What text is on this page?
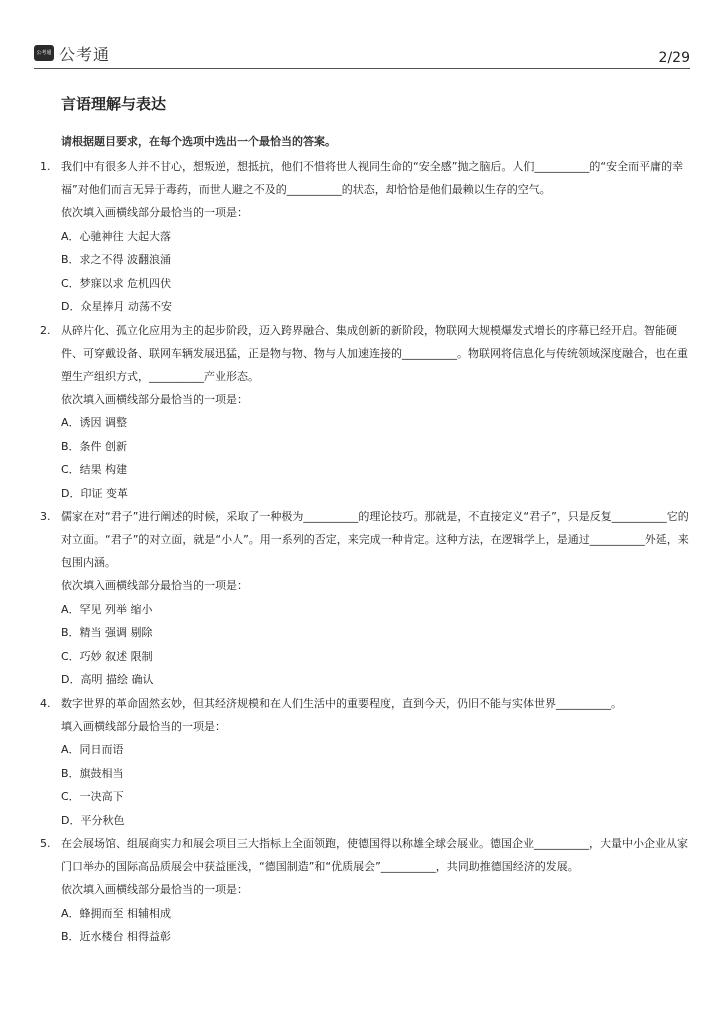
公考通 公考通	2/29
言语理解与表达
请根据题目要求，在每个选项中选出一个最恰当的答案。
1. 我们中有很多人并不甘心，想叛逆，想抵抗，他们不惜将世人视同生命的“安全感”抛之脑后。人们__________的“安全而平庸的幸福”对他们而言无异于毒药，而世人避之不及的__________的状态，却恰恰是他们最赖以生存的空气。
依次填入画横线部分最恰当的一项是：
A．心驰神往 大起大落
B．求之不得 波翻浪涌
C．梦寐以求 危机四伏
D．众星捧月 动荡不安
2. 从碎片化、孤立化应用为主的起步阶段，迈入跨界融合、集成创新的新阶段，物联网大规模爆发式增长的序幕已经开启。智能硬件、可穿戴设备、联网车辆发展迅猛，正是物与物、物与人加速连接的__________。物联网将信息化与传统领域深度融合，也在重塑生产组织方式，__________产业形态。
依次填入画横线部分最恰当的一项是：
A．诱因 调整
B．条件 创新
C．结果 构建
D．印证 变革
3. 儒家在对“君子”进行阐述的时候，采取了一种极为__________的理论技巧。那就是，不直接定义“君子”，只是反复__________它的对立面。“君子”的对立面，就是“小人”。用一系列的否定，来完成一种肯定。这种方法，在逻辑学上，是通过__________外延，来包围内涵。
依次填入画横线部分最恰当的一项是：
A．罕见 列举 缩小
B．精当 强调 剔除
C．巧妙 叙述 限制
D．高明 描绘 确认
4. 数字世界的革命固然玄妙，但其经济规模和在人们生活中的重要程度，直到今天，仍旧不能与实体世界__________。
填入画横线部分最恰当的一项是：
A．同日而语
B．旗鼓相当
C．一决高下
D．平分秋色
5. 在会展场馆、组展商实力和展会项目三大指标上全面领跑，使德国得以称雄全球会展业。德国企业__________，大量中小企业从家门口举办的国际高品质展会中获益匪浅，“德国制造”和“优质展会”__________，共同助推德国经济的发展。
依次填入画横线部分最恰当的一项是：
A．蜂拥而至 相辅相成
B．近水楼台 相得益彰
